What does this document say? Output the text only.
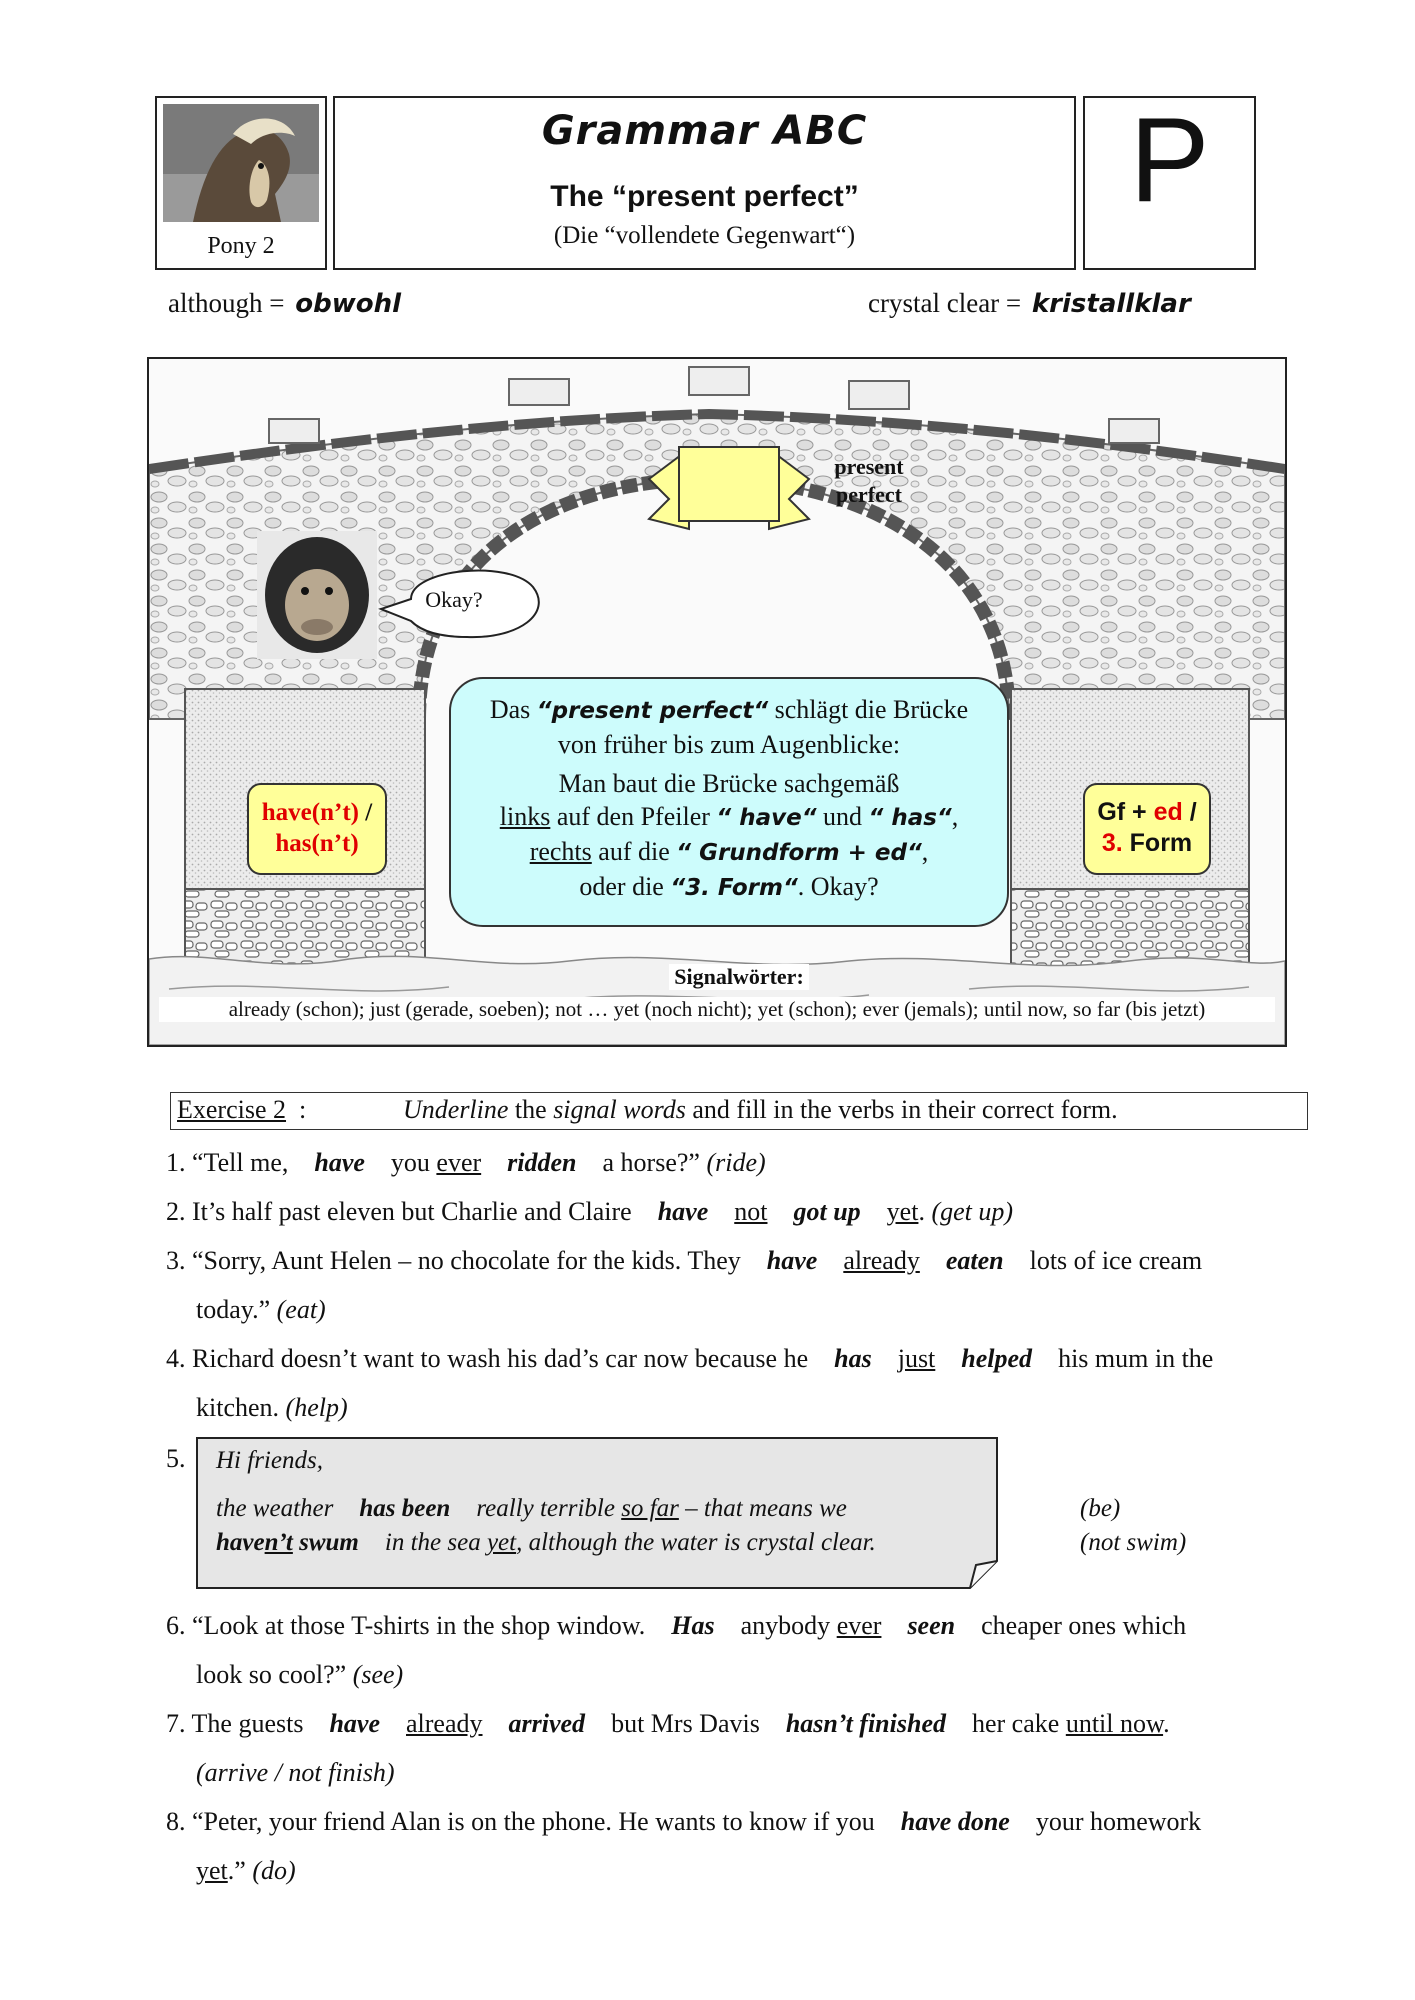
Pony 2
Grammar ABC
The “present perfect”
(Die “vollendete Gegenwart“)
P
although = obwohl	crystal clear = kristallklar
present
perfect
Okay?
Das “present perfect“ schlägt die Brücke
von früher bis zum Augenblicke:
Man baut die Brücke sachgemäß
links auf den Pfeiler “ have“ und “ has“,
rechts auf die “ Grundform + ed“,
oder die “3. Form“. Okay?
have(n’t) /
has(n’t)
Gf + ed /
3. Form
Signalwörter:
already (schon); just (gerade, soeben); not … yet (noch nicht); yet (schon); ever (jemals); until now, so far (bis jetzt)
Exercise 2 :	Underline the signal words and fill in the verbs in their correct form.
1. “Tell me, have you ever ridden a horse?” (ride)
2. It’s half past eleven but Charlie and Claire have not got up yet. (get up)
3. “Sorry, Aunt Helen – no chocolate for the kids. They have already eaten lots of ice cream
today.” (eat)
4. Richard doesn’t want to wash his dad’s car now because he has just helped his mum in the
kitchen. (help)
5. Hi friends,
the weather has been really terrible so far – that means we
haven’t swum in the sea yet, although the water is crystal clear.
(be)
(not swim)
6. “Look at those T-shirts in the shop window. Has anybody ever seen cheaper ones which
look so cool?” (see)
7. The guests have already arrived but Mrs Davis hasn’t finished her cake until now.
(arrive / not finish)
8. “Peter, your friend Alan is on the phone. He wants to know if you have done your homework
yet.” (do)
